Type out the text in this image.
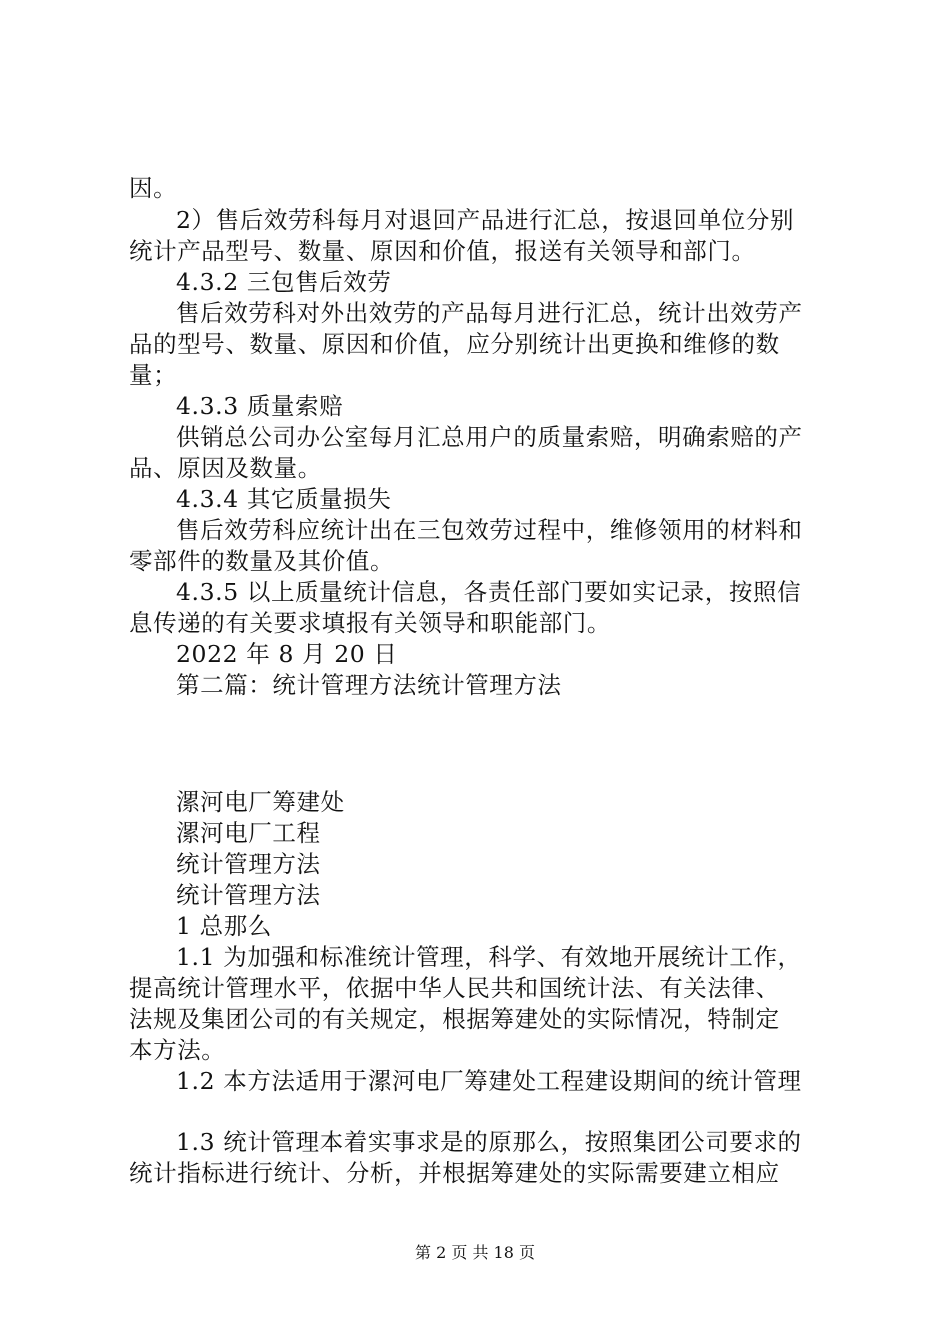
因。
2）售后效劳科每月对退回产品进行汇总，按退回单位分别
统计产品型号、数量、原因和价值，报送有关领导和部门。
4.3.2 三包售后效劳
售后效劳科对外出效劳的产品每月进行汇总，统计出效劳产
品的型号、数量、原因和价值，应分别统计出更换和维修的数
量；
4.3.3 质量索赔
供销总公司办公室每月汇总用户的质量索赔，明确索赔的产
品、原因及数量。
4.3.4 其它质量损失
售后效劳科应统计出在三包效劳过程中，维修领用的材料和
零部件的数量及其价值。
4.3.5 以上质量统计信息，各责任部门要如实记录，按照信
息传递的有关要求填报有关领导和职能部门。
2022 年 8 月 20 日
第二篇：统计管理方法统计管理方法
漯河电厂筹建处
漯河电厂工程
统计管理方法
统计管理方法
1 总那么
1.1 为加强和标准统计管理，科学、有效地开展统计工作，
提高统计管理水平，依据中华人民共和国统计法、有关法律、
法规及集团公司的有关规定，根据筹建处的实际情况，特制定
本方法。
1.2 本方法适用于漯河电厂筹建处工程建设期间的统计管理
1.3 统计管理本着实事求是的原那么，按照集团公司要求的
统计指标进行统计、分析，并根据筹建处的实际需要建立相应
第 2 页 共 18 页
